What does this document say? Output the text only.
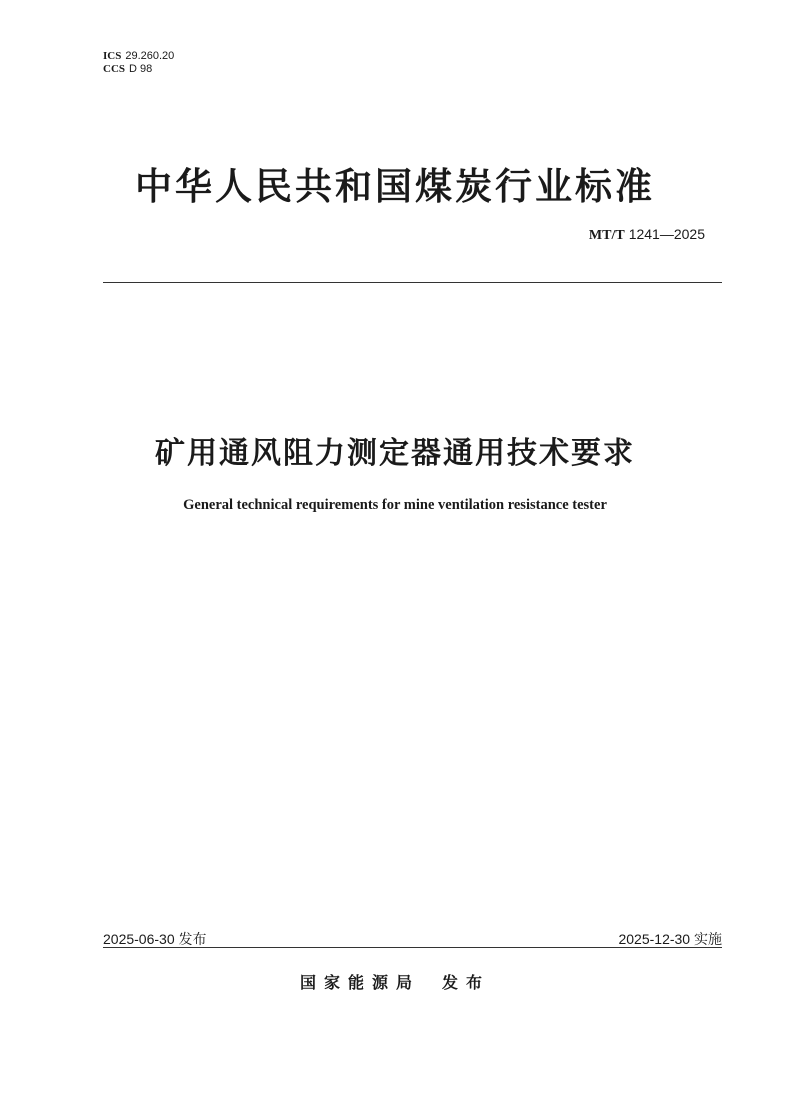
ICS 29.260.20
CCS D 98
中华人民共和国煤炭行业标准
MT/T 1241—2025
矿用通风阻力测定器通用技术要求
General technical requirements for mine ventilation resistance tester
2025-06-30 发布	2025-12-30 实施
国家能源局 发布
